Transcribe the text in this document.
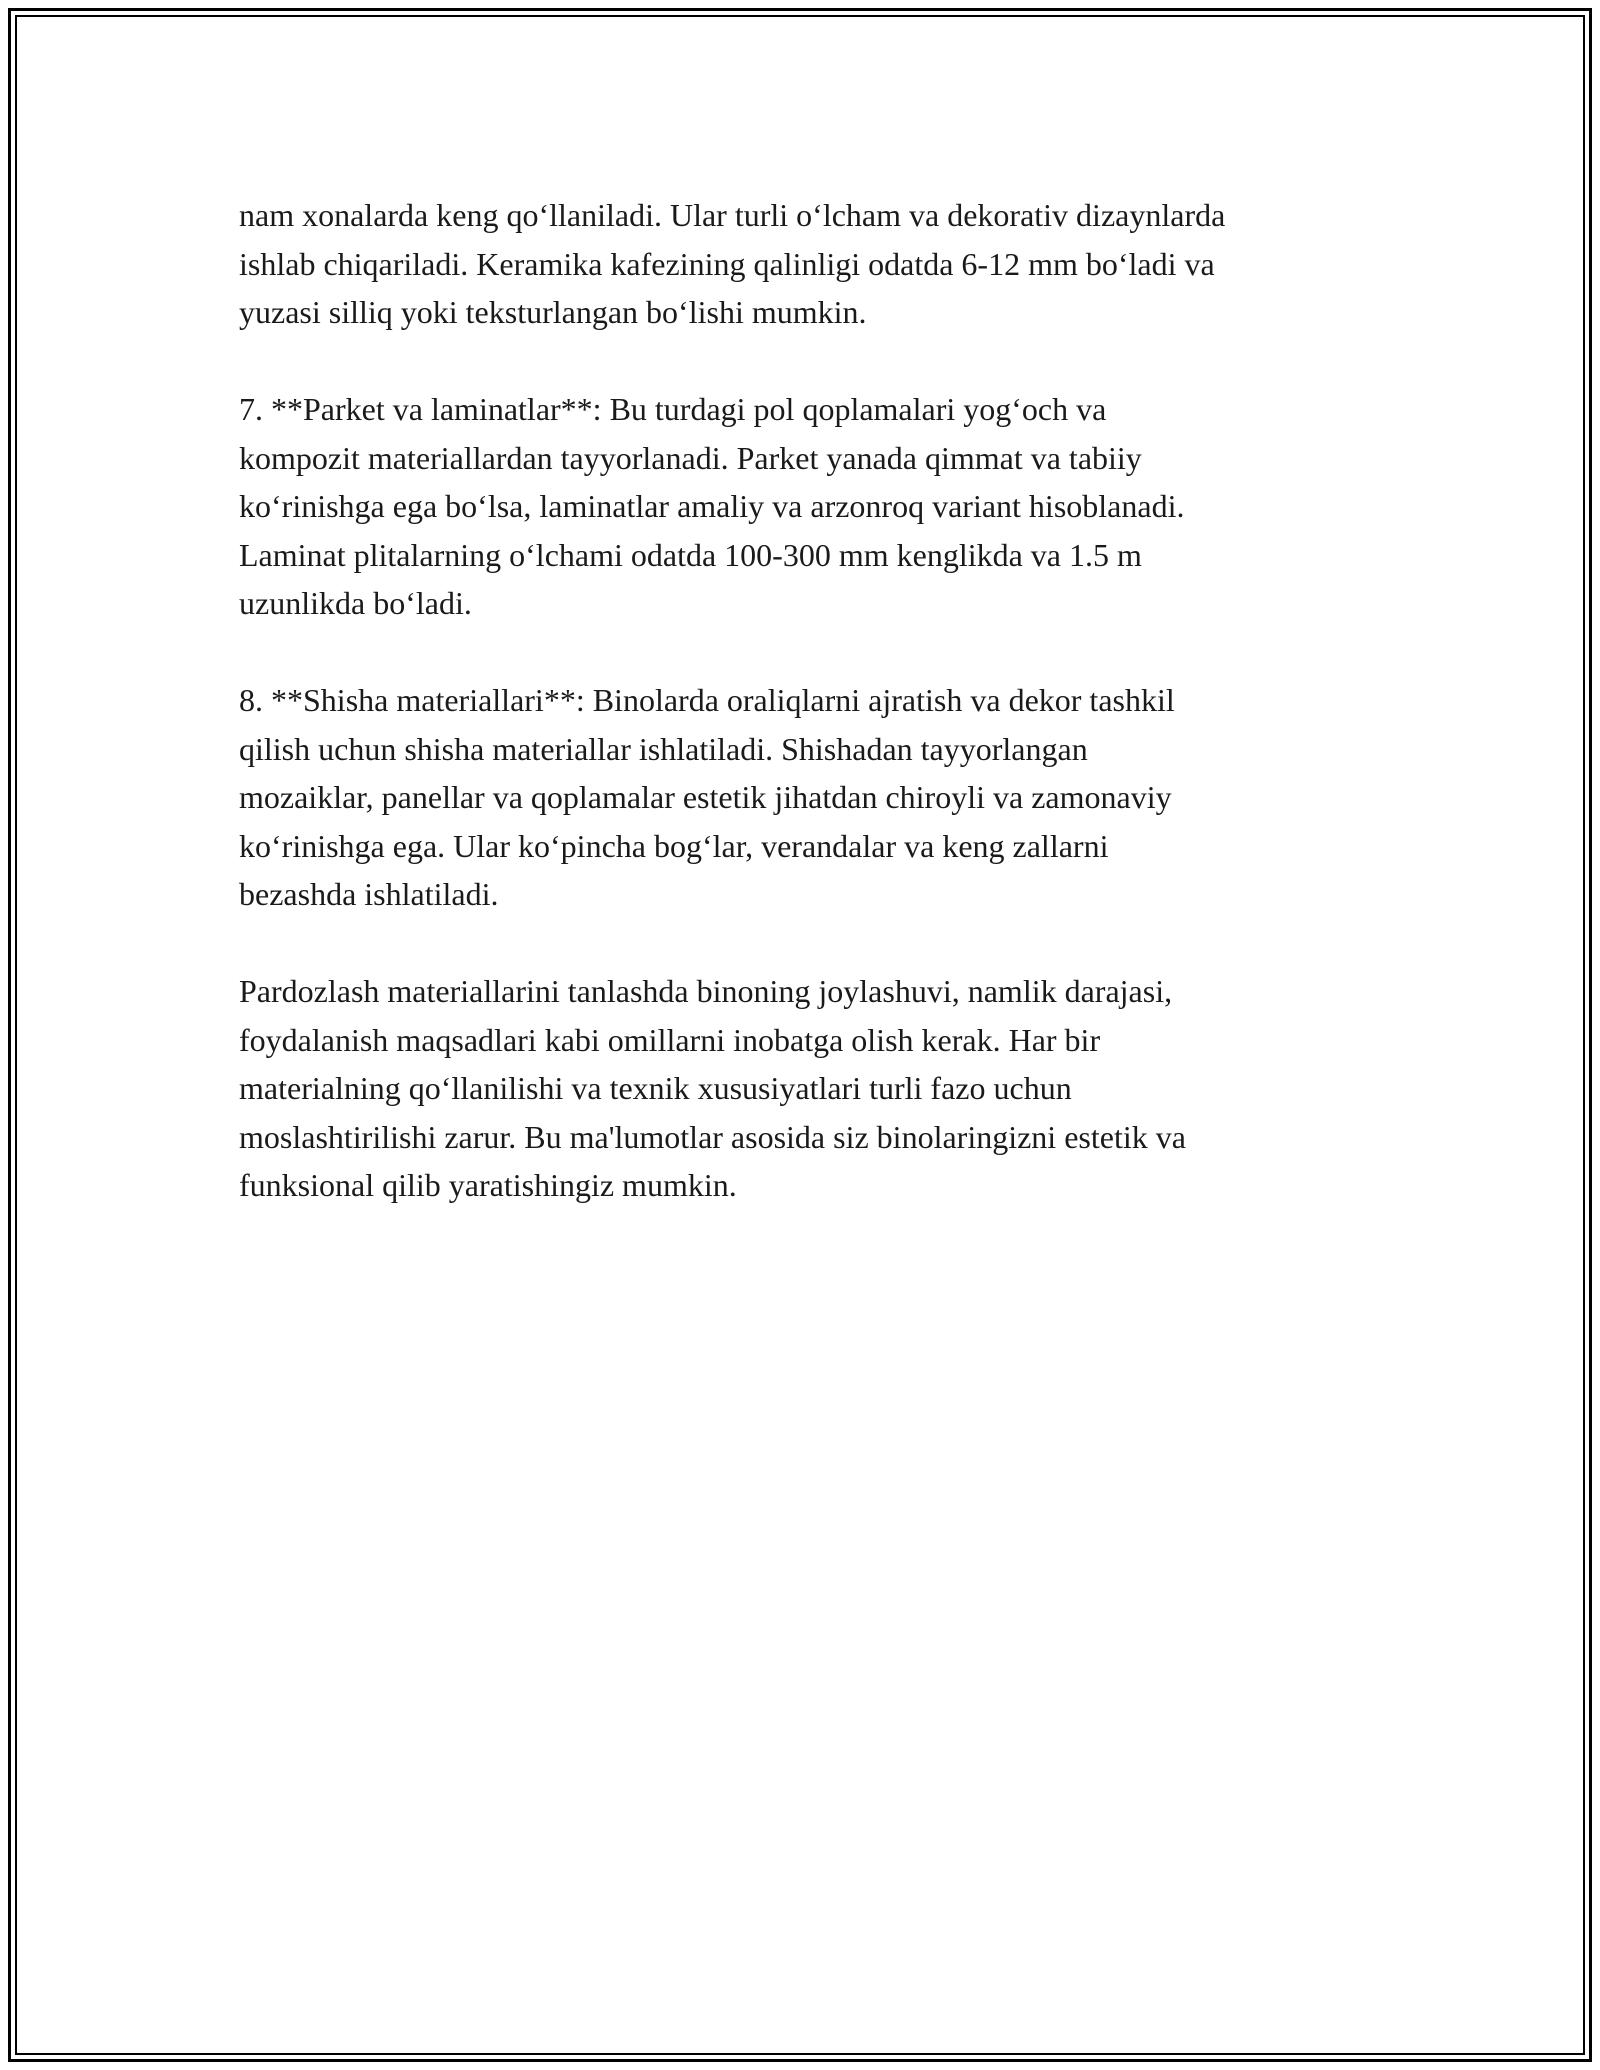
nam xonalarda keng qo‘llaniladi. Ular turli o‘lcham va dekorativ dizaynlarda
ishlab chiqariladi. Keramika kafezining qalinligi odatda 6-12 mm bo‘ladi va
yuzasi silliq yoki teksturlangan bo‘lishi mumkin.

7. **Parket va laminatlar**: Bu turdagi pol qoplamalari yog‘och va
kompozit materiallardan tayyorlanadi. Parket yanada qimmat va tabiiy
ko‘rinishga ega bo‘lsa, laminatlar amaliy va arzonroq variant hisoblanadi.
Laminat plitalarning o‘lchami odatda 100-300 mm kenglikda va 1.5 m
uzunlikda bo‘ladi.

8. **Shisha materiallari**: Binolarda oraliqlarni ajratish va dekor tashkil
qilish uchun shisha materiallar ishlatiladi. Shishadan tayyorlangan
mozaiklar, panellar va qoplamalar estetik jihatdan chiroyli va zamonaviy
ko‘rinishga ega. Ular ko‘pincha bog‘lar, verandalar va keng zallarni
bezashda ishlatiladi.

Pardozlash materiallarini tanlashda binoning joylashuvi, namlik darajasi,
foydalanish maqsadlari kabi omillarni inobatga olish kerak. Har bir
materialning qo‘llanilishi va texnik xususiyatlari turli fazo uchun
moslashtirilishi zarur. Bu ma'lumotlar asosida siz binolaringizni estetik va
funksional qilib yaratishingiz mumkin.
